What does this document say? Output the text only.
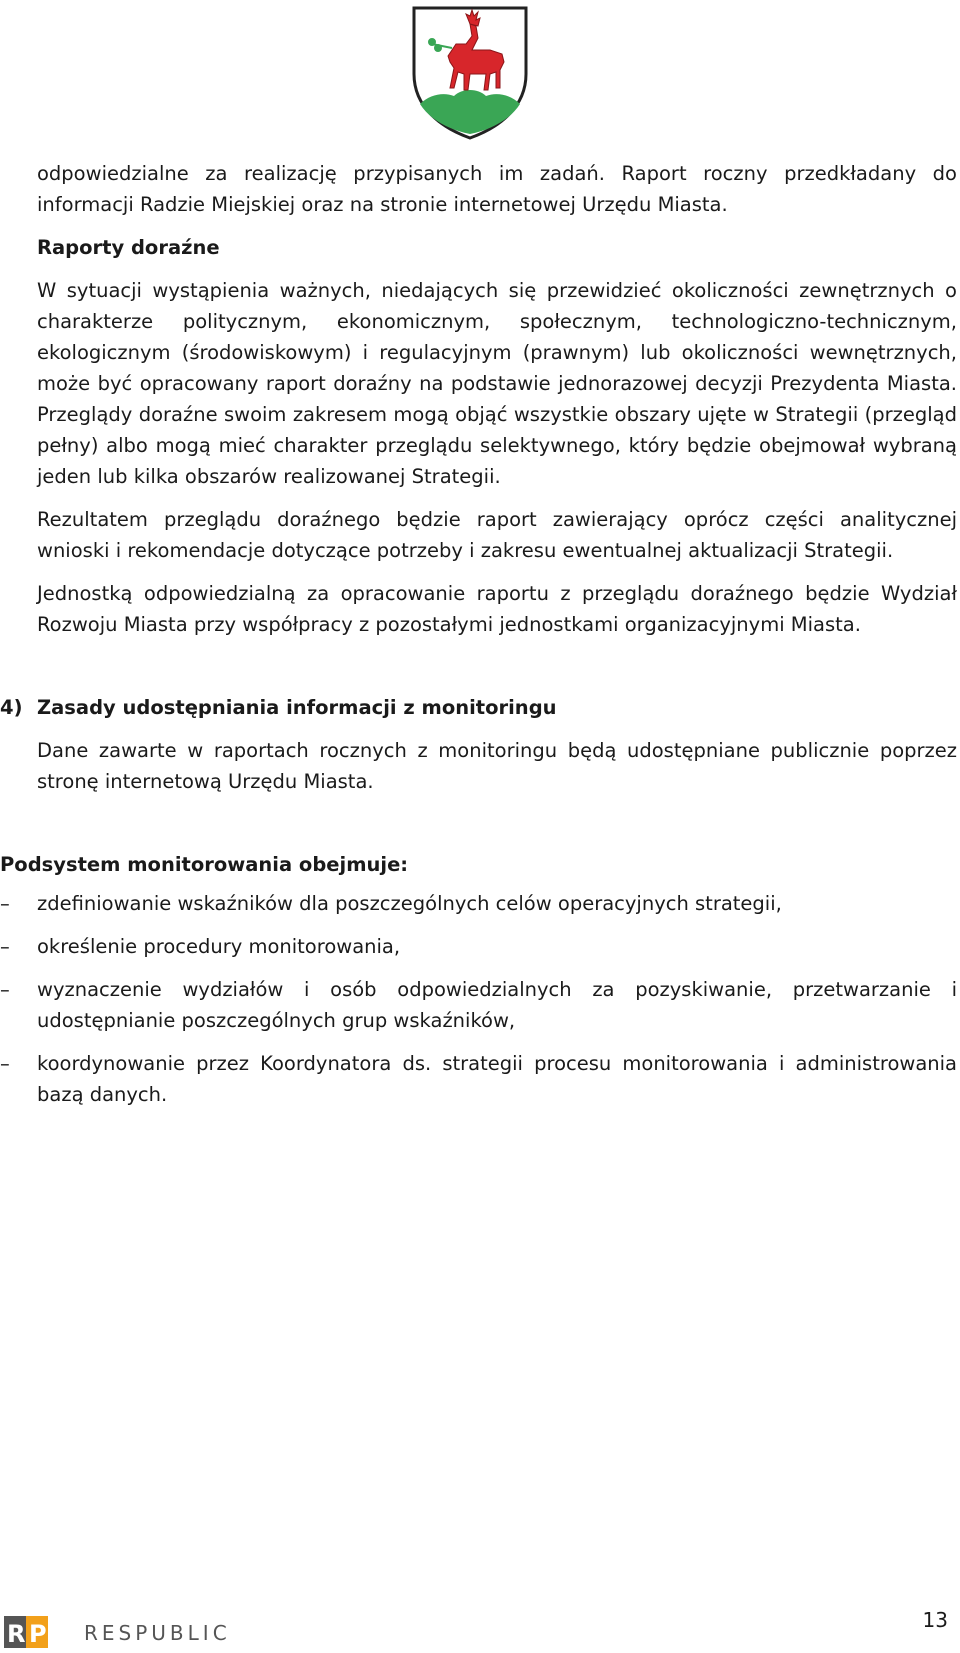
odpowiedzialne za realizację przypisanych im zadań. Raport roczny przedkładany do

informacji Radzie Miejskiej oraz na stronie internetowej Urzędu Miasta.

Raporty doraźne

W sytuacji wystąpienia ważnych, niedających się przewidzieć okoliczności zewnętrznych o charakterze politycznym, ekonomicznym, społecznym, technologiczno-technicznym, ekologicznym (środowiskowym) i regulacyjnym (prawnym) lub okoliczności wewnętrznych, może być opracowany raport doraźny na podstawie jednorazowej decyzji Prezydenta Miasta. Przeglądy doraźne swoim zakresem mogą objąć wszystkie obszary ujęte w Strategii (przegląd pełny) albo mogą mieć charakter przeglądu selektywnego, który będzie obejmował wybraną jeden lub kilka obszarów realizowanej Strategii.

Rezultatem przeglądu doraźnego będzie raport zawierający oprócz części analitycznej wnioski i rekomendacje dotyczące potrzeby i zakresu ewentualnej aktualizacji Strategii.

Jednostką odpowiedzialną za opracowanie raportu z przeglądu doraźnego będzie Wydział Rozwoju Miasta przy współpracy z pozostałymi jednostkami organizacyjnymi Miasta.

4) Zasady udostępniania informacji z monitoringu

Dane zawarte w raportach rocznych z monitoringu będą udostępniane publicznie poprzez stronę internetową Urzędu Miasta.

Podsystem monitorowania obejmuje:

– zdefiniowanie wskaźników dla poszczególnych celów operacyjnych strategii,
– określenie procedury monitorowania,
– wyznaczenie wydziałów i osób odpowiedzialnych za pozyskiwanie, przetwarzanie i udostępnianie poszczególnych grup wskaźników,
– koordynowanie przez Koordynatora ds. strategii procesu monitorowania i administrowania bazą danych.
R P RESPUBLIC
13
